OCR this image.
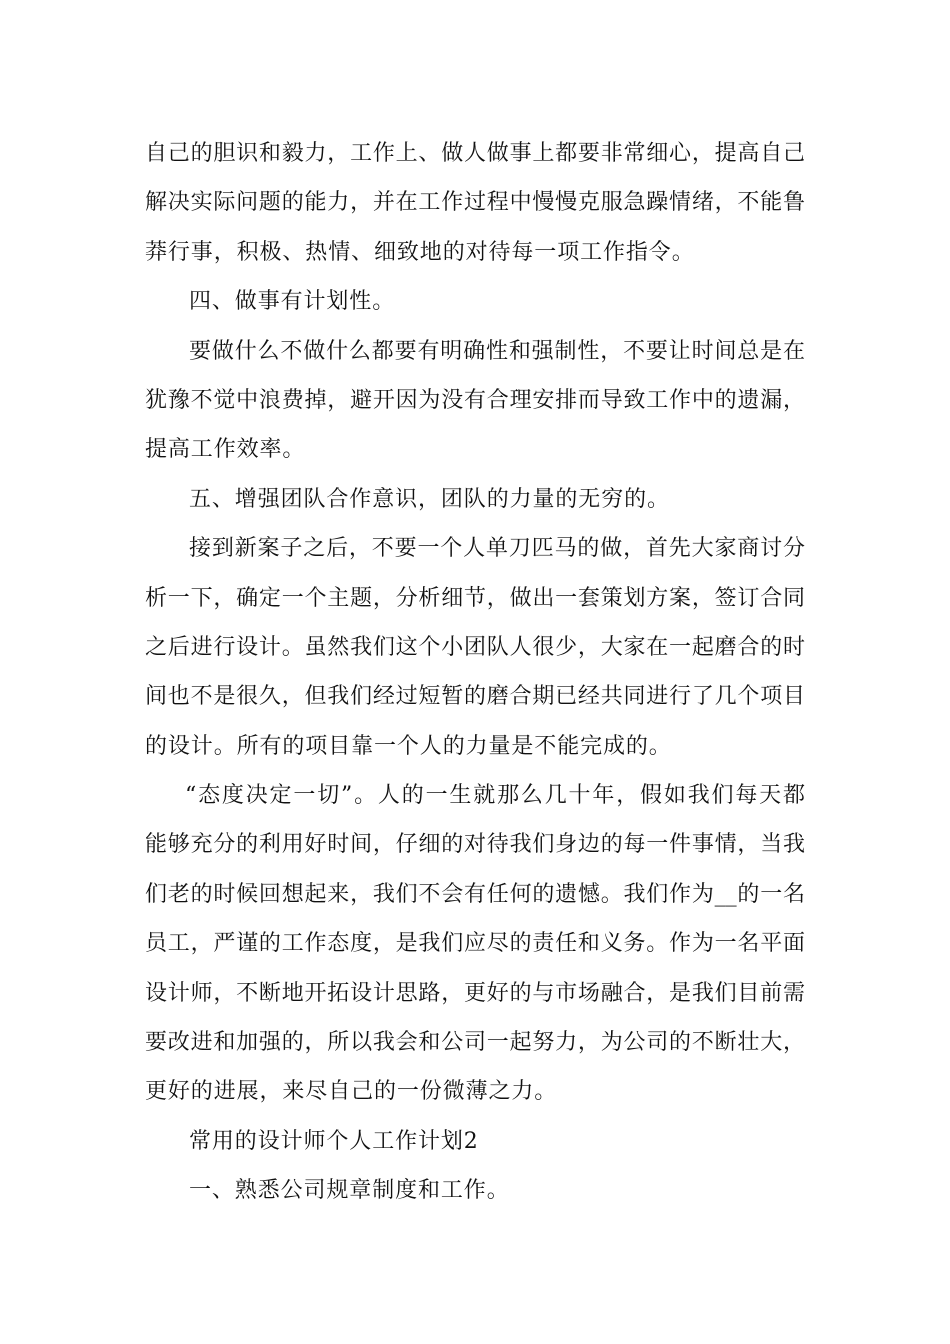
自己的胆识和毅力，工作上、做人做事上都要非常细心，提高自己
解决实际问题的能力，并在工作过程中慢慢克服急躁情绪，不能鲁
莽行事，积极、热情、细致地的对待每一项工作指令。
四、做事有计划性。
要做什么不做什么都要有明确性和强制性，不要让时间总是在
犹豫不觉中浪费掉，避开因为没有合理安排而导致工作中的遗漏，
提高工作效率。
五、增强团队合作意识，团队的力量的无穷的。
接到新案子之后，不要一个人单刀匹马的做，首先大家商讨分
析一下，确定一个主题，分析细节，做出一套策划方案，签订合同
之后进行设计。虽然我们这个小团队人很少，大家在一起磨合的时
间也不是很久，但我们经过短暂的磨合期已经共同进行了几个项目
的设计。所有的项目靠一个人的力量是不能完成的。
“态度决定一切”。人的一生就那么几十年，假如我们每天都
能够充分的利用好时间，仔细的对待我们身边的每一件事情，当我
们老的时候回想起来，我们不会有任何的遗憾。我们作为__的一名
员工，严谨的工作态度，是我们应尽的责任和义务。作为一名平面
设计师，不断地开拓设计思路，更好的与市场融合，是我们目前需
要改进和加强的，所以我会和公司一起努力，为公司的不断壮大，
更好的进展，来尽自己的一份微薄之力。
常用的设计师个人工作计划2
一、熟悉公司规章制度和工作。
